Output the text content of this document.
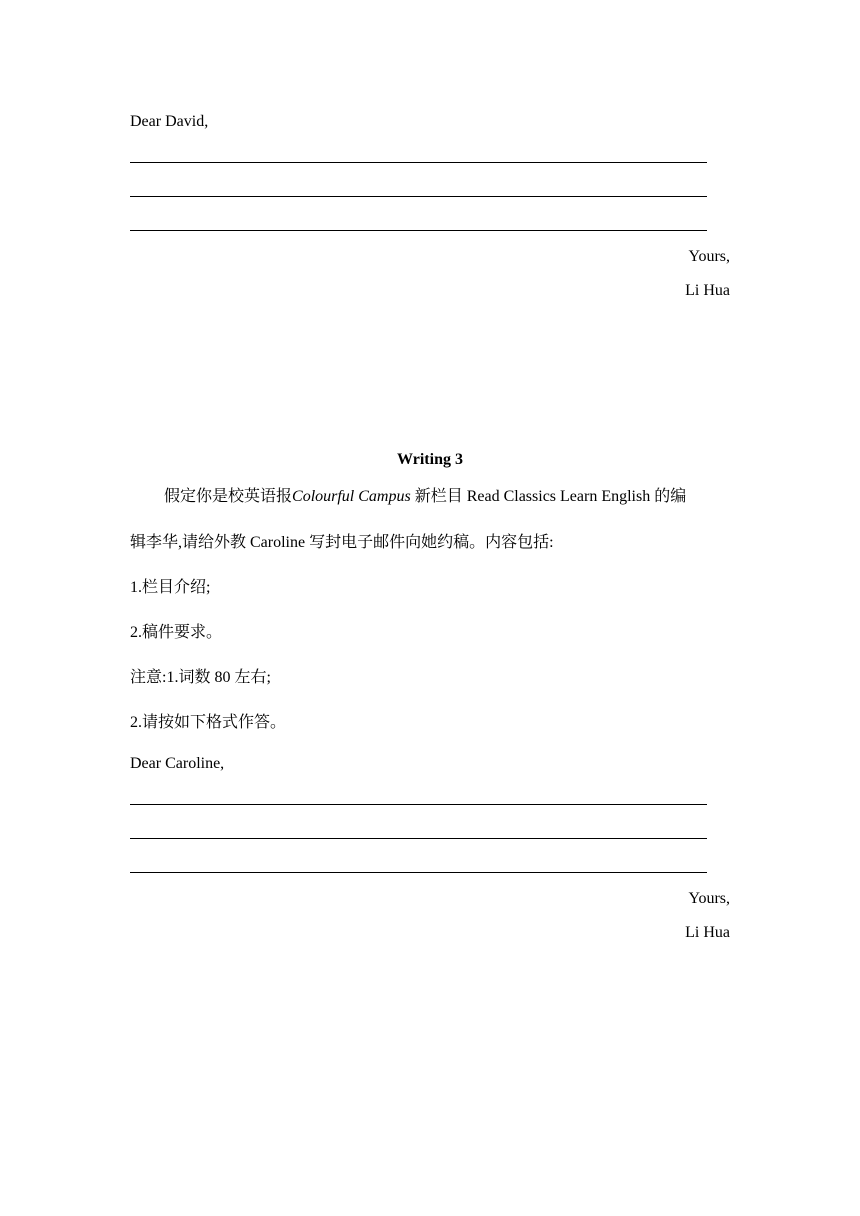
Dear David,
Yours,
Li Hua
Writing 3
假定你是校英语报Colourful Campus 新栏目 Read Classics Learn English 的编
辑李华,请给外教 Caroline 写封电子邮件向她约稿。内容包括:
1.栏目介绍;
2.稿件要求。
注意:1.词数 80 左右;
2.请按如下格式作答。
Dear Caroline,
Yours,
Li Hua
